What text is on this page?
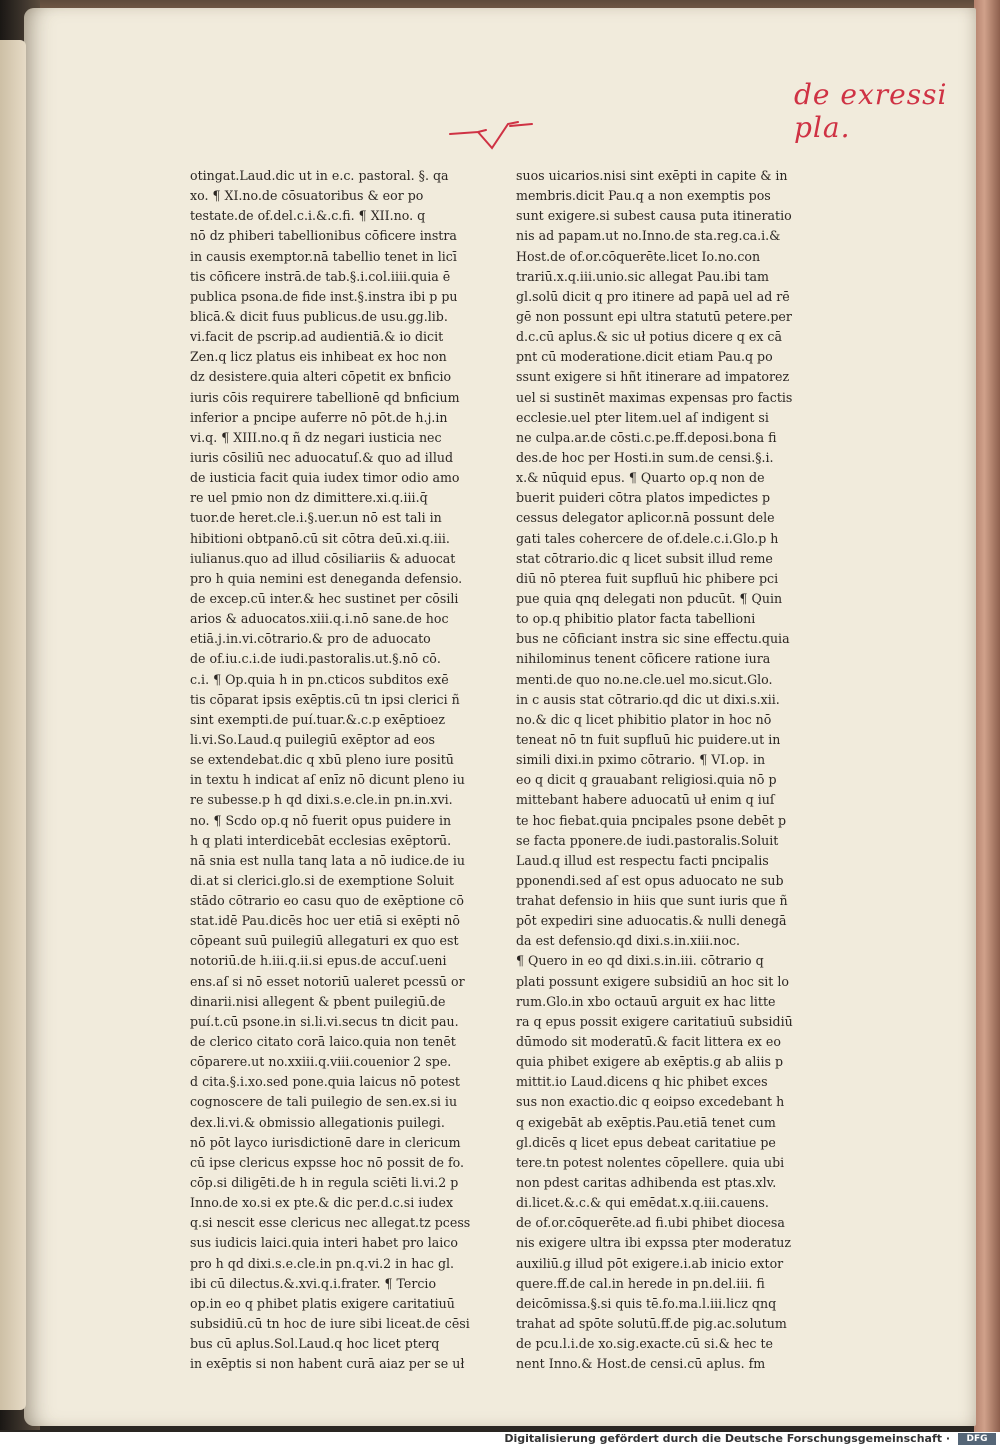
de exressi pla.
otingat.Laud.dic ut in e.c. pastoral. §. qa
xo. ¶ XI.no.de cōsuatoribus & eor po
testate.de of.del.c.i.&.c.fi. ¶ XII.no. q
nō dz phiberi tabellionibus cōficere instra
in causis exemptor.nā tabellio tenet in licī
tis cōficere instrā.de tab.§.i.col.iiii.quia ē
publica psona.de fide inst.§.instra ibi p pu
blicā.& dicit fuus publicus.de usu.gg.lib.
vi.facit de pscrip.ad audientiā.& io dicit
Zen.q licz platus eis inhibeat ex hoc non
dz desistere.quia alteri cōpetit ex bnficio
iuris cōis requirere tabellionē qd bnficium
inferior a pncipe auferre nō pōt.de h.j.in
vi.q. ¶ XIII.no.q ñ dz negari iusticia nec
iuris cōsiliū nec aduocatuſ.& quo ad illud
de iusticia facit quia iudex timor odio amo
re uel pmio non dz dimittere.xi.q.iii.q̄
tuor.de heret.cle.i.§.uer.un nō est tali in
hibitioni obtpanō.cū sit cōtra deū.xi.q.iii.
iulianus.quo ad illud cōsiliariis & aduocat
pro h quia nemini est deneganda defensio.
de excep.cū inter.& hec sustinet per cōsili
arios & aduocatos.xiii.q.i.nō sane.de hoc
etiā.j.in.vi.cōtrario.& pro de aduocato
de of.iu.c.i.de iudi.pastoralis.ut.§.nō cō.
c.i. ¶ Op.quia h in pn.cticos subditos exē
tis cōparat ipsis exēptis.cū tn ipsi clerici ñ
sint exempti.de puí.tuar.&.c.p exēptioez
li.vi.So.Laud.q puilegiū exēptor ad eos
se extendebat.dic q xbū pleno iure positū
in textu h indicat aſ enīz nō dicunt pleno iu
re subesse.p h qd dixi.s.e.cle.in pn.in.xvi.
no. ¶ Scdo op.q nō fuerit opus puidere in
h q plati interdicebāt ecclesias exēptorū.
nā snia est nulla tanq lata a nō iudice.de iu
di.at si clerici.glo.si de exemptione Soluit
stādo cōtrario eo casu quo de exēptione cō
stat.idē Pau.dicēs hoc uer etiā si exēpti nō
cōpeant suū puilegiū allegaturi ex quo est
notoriū.de h.iii.q.ii.si epus.de accuſ.ueni
ens.aſ si nō esset notoriū ualeret pcessū or
dinarii.nisi allegent & pbent puilegiū.de
puí.t.cū psone.in si.li.vi.secus tn dicit pau.
de clerico citato corā laico.quia non tenēt
cōparere.ut no.xxiii.q.viii.couenior 2 spe.
d cita.§.i.xo.sed pone.quia laicus nō potest
cognoscere de tali puilegio de sen.ex.si iu
dex.li.vi.& obmissio allegationis puilegi.
nō pōt layco iurisdictionē dare in clericum
cū ipse clericus expsse hoc nō possit de fo.
cōp.si diligēti.de h in regula sciēti li.vi.2 p
Inno.de xo.si ex pte.& dic per.d.c.si iudex
q.si nescit esse clericus nec allegat.tz pcess
sus iudicis laici.quia interi habet pro laico
pro h qd dixi.s.e.cle.in pn.q.vi.2 in hac gl.
ibi cū dilectus.&.xvi.q.i.frater. ¶ Tercio
op.in eo q phibet platis exigere caritatiuū
subsidiū.cū tn hoc de iure sibi liceat.de cēsi
bus cū aplus.Sol.Laud.q hoc licet pterq
in exēptis si non habent curā aiaz per se uł
suos uicarios.nisi sint exēpti in capite & in
membris.dicit Pau.q a non exemptis pos
sunt exigere.si subest causa puta itineratio
nis ad papam.ut no.Inno.de sta.reg.ca.i.&
Host.de of.or.cōquerēte.licet Io.no.con
trariū.x.q.iii.unio.sic allegat Pau.ibi tam
gl.solū dicit q pro itinere ad papā uel ad rē
gē non possunt epi ultra statutū petere.per
d.c.cū aplus.& sic uł potius dicere q ex cā
pnt cū moderatione.dicit etiam Pau.q po
ssunt exigere si hñt itinerare ad impatorez
uel si sustinēt maximas expensas pro factis
ecclesie.uel pter litem.uel aſ indigent si
ne culpa.ar.de cōsti.c.pe.ff.deposi.bona fi
des.de hoc per Hosti.in sum.de censi.§.i.
x.& nūquid epus. ¶ Quarto op.q non de
buerit puideri cōtra platos impedictes p
cessus delegator aplicor.nā possunt dele
gati tales cohercere de of.dele.c.i.Glo.p h
stat cōtrario.dic q licet subsit illud reme
diū nō pterea fuit supfluū hic phibere pci
pue quia qnq delegati non pducūt. ¶ Quin
to op.q phibitio plator facta tabellioni
bus ne cōficiant instra sic sine effectu.quia
nihilominus tenent cōficere ratione iura
menti.de quo no.ne.cle.uel mo.sicut.Glo.
in c ausis stat cōtrario.qd dic ut dixi.s.xii.
no.& dic q licet phibitio plator in hoc nō
teneat nō tn fuit supfluū hic puidere.ut in
simili dixi.in pximo cōtrario. ¶ VI.op. in
eo q dicit q grauabant religiosi.quia nō p
mittebant habere aduocatū uł enim q iuſ
te hoc fiebat.quia pncipales psone debēt p
se facta pponere.de iudi.pastoralis.Soluit
Laud.q illud est respectu facti pncipalis
pponendi.sed aſ est opus aduocato ne sub
trahat defensio in hiis que sunt iuris que ñ
pōt expediri sine aduocatis.& nulli denegā
da est defensio.qd dixi.s.in.xiii.noc.
¶ Quero in eo qd dixi.s.in.iii. cōtrario q
plati possunt exigere subsidiū an hoc sit lo
rum.Glo.in xbo octauū arguit ex hac litte
ra q epus possit exigere caritatiuū subsidiū
dūmodo sit moderatū.& facit littera ex eo
quia phibet exigere ab exēptis.g ab aliis p
mittit.io Laud.dicens q hic phibet exces
sus non exactio.dic q eoipso excedebant h
q exigebāt ab exēptis.Pau.etiā tenet cum
gl.dicēs q licet epus debeat caritatiue pe
tere.tn potest nolentes cōpellere. quia ubi
non pdest caritas adhibenda est ptas.xlv.
di.licet.&.c.& qui emēdat.x.q.iii.cauens.
de of.or.cōquerēte.ad fi.ubi phibet diocesa
nis exigere ultra ibi expssa pter moderatuz
auxiliū.g illud pōt exigere.i.ab inicio extor
quere.ff.de cal.in herede in pn.del.iii. fi
deicōmissa.§.si quis tē.fo.ma.l.iii.licz qnq
trahat ad spōte solutū.ff.de pig.ac.solutum
de pcu.l.i.de xo.sig.exacte.cū si.& hec te
nent Inno.& Host.de censi.cū aplus. fm
Digitalisierung gefördert durch die Deutsche Forschungsgemeinschaft ·	DFG
